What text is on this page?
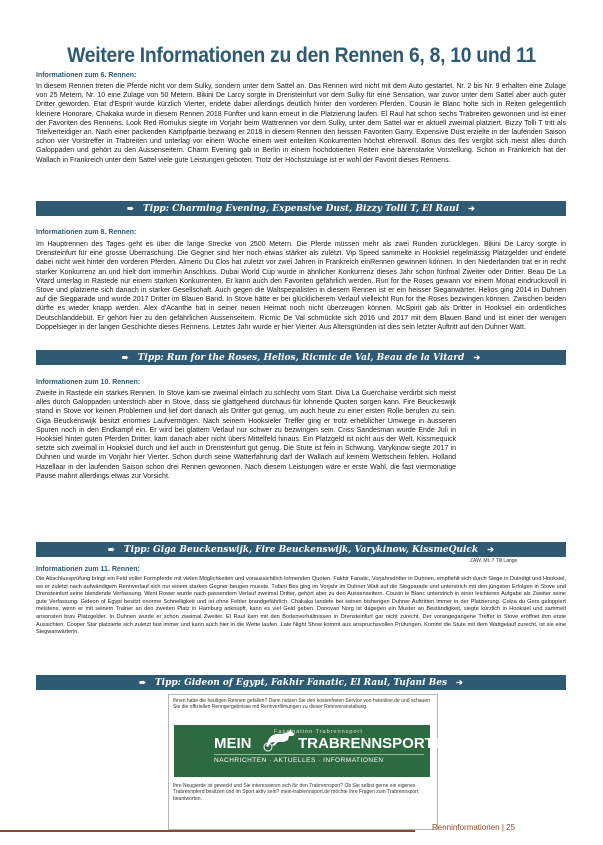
Weitere Informationen zu den Rennen 6, 8, 10 und 11
Informationen zum 6. Rennen:

In diesem Rennen treten die Pferde nicht vor dem Sulky, sondern unter dem Sattel an. Das Rennen wird nicht mit dem Auto gestartet. Nr. 2 bis Nr. 9 erhalten eine Zulage von 25 Metern, Nr. 10 eine Zulage von 50 Metern. Bikini De Larcy sorgte in Drensteinfurt vor dem Sulky für eine Sensation, war zuvor unter dem Sattel aber auch guter Dritter geworden. Etat d'Esprit wurde kürzlich Vierter, endete dabei allerdings deutlich hinter den vorderen Pferden. Cousin le Blanc holte sich in Reiten gelegentlich kleinere Honorare, Chakaka wurde in diesem Rennen 2018 Fünfter und kann erneut in die Platzierung laufen. El Raul hat schon sechs Trabreiten gewonnen und ist einer der Favoriten des Rennens. Look Red Romulus siegte im Vorjahr beim Wattrennen vor dem Sulky, unter dem Sattel war er aktuell zweimal platziert. Bizzy Tolli T tritt als Titelverteidiger an. Nach einer packenden Kampfpartie bezwang er 2018 in diesem Rennen den heissen Favoriten Garry. Expensive Dust erzielte in der laufenden Saison schon vier Vorstreffer in Trabreiten und unterlag vor einem Woche einem weit enteilten Konkurrenten höchst ehrenvoll. Bonus des Iles vergibt sich meist alles durch Galoppaden und gehört zu den Aussenseitern. Charm Evening gab in Berlin in einem hochdotierten Reiten eine bärenstarke Vorstellung. Schon in Frankreich hat der Wallach in Frankreich unter dem Sattel viele gute Leistungen geboten. Trotz der Höchstzulage ist er wohl der Favorit dieses Rennens.

➠ Tipp: Charming Evening, Expensive Dust, Bizzy Tolli T, El Raul ➔
Informationen zum 8. Rennen:

Im Hauptrennen des Tages geht es über die lange Strecke von 2500 Metern. Die Pferde müssen mehr als zwei Runden zurücklegen. Bikini De Larcy sorgte in Drensteinfurt für eine grosse Überraschung. Die Gegner sind hier noch etwas stärker als zuletzt. Vip Speed sammelte in Hooksiel regelmässig Platzgelder und endete dabei nicht weit hinter den vorderen Pferden. Almeric Du Clos hat zuletzt vor zwei Jahren in Frankreich einRennen gewinnen können. In den Niederlanden trat er in recht starker Konkurrenz an und hielt dort immerhin Anschluss. Dubai World Cup wurde in ähnlicher Konkurrenz dieses Jahr schon fünfmal Zweiter oder Dritter. Beau De La Vitard unterlag in Rastede nur einem starken Konkurrenten. Er kann auch den Favoriten gefährlich werden. Run for the Roses gewann vor einem Monat eindrucksvoll in Stove und platzierte sich danach in starker Gesellschaft. Auch gegen die Waltspezialisten in diesem Rennen ist er ein heisser Sieganwärter. Helios ging 2014 in Duhnen auf die Siegparade und wurde 2017 Dritter im Blauen Band. In Stove hätte er bei glücklicherem Verlauf vielleicht Run for the Roses bezwingen können. Zwischen beiden dürfte es wieder knapp werden. Alex d'Acanthe hat in seiner neuen Heimat noch nicht überzeugen können. McSpirit gab als Dritter in Hooksiel ein ordentliches Deutschlanddebüt. Er gehört hier zu den gefährlichen Aussenseitern. Ricmic De Val schmückte sich 2016 und 2017 mit dem Blauen Band und ist einer der wenigen Doppelsieger in der langen Geschichte dieses Rennens. Letztes Jahr wurde er hier Vierter. Aus Altersgründen ist dies sein letzter Auftritt auf den Duhner Watt.

➠ Tipp: Run for the Roses, Helios, Ricmic de Val, Beau de la Vitard ➔
Informationen zum 10. Rennen:

Zweite in Rastede ein starkes Rennen. In Stove kam sie zweimal einfach zu schlecht vom Start. Diva La Guerchaise verdirbt sich meist alles durch Galoppaden unterstrich aber in Stove, dass sie glattgehend durchaus für lohnende Quoten sorgen kann. Fire Beuckeswijk stand in Stove vor keinen Problemen und lief dort danach als Dritter gut genug, um auch heute zu einer ersten Rolle berufen zu sein. Giga Beuckenswijk besitzt enormes Laufvermögen. Nach seinem Hooksieler Treffer ging er trotz erheblicher Umwege in äusseren Spuren noch in den Endkampf ein. Er wird bei glattem Verlauf nur schwer zu bezwingen sein. Criss Sandesman wurde Ende Juli in Hooksiel hinter guten Pferden Dritter, kam danach aber nicht übers Mittelfeld hinaus. Ein Platzgeld ist nicht aus der Welt. Kissmequick setzte sich zweimal in Hooksiel durch und lief auch in Drensteinfurt gut genug. Die Stute ist fein in Schwung. Varykinow siegte 2017 in Duhnen und wurde im Vorjahr hier Vierter. Schon durch seine Watterfahrung darf der Wallach auf keinem Wettschein fehlen. Holland Hazellaar in der laufenden Saison schon drei Rennen gewonnen. Nach diesem Leistungen wäre er erste Wahl, die fast viermonatige Pause mahnt allerdings etwas zur Vorsicht.

ZAW, Mt. 7 Till Lange
➠ Tipp: Giga Beuckenswijk, Fire Beuckenswijk, Varykinow, KissmeQuick ➔
Informationen zum 11. Rennen:

Die Abschlussprüfung bringt ein Feld voller Formpferde mit vielen Möglichkeiten und voraussichtlich lohnenden Quoten. Fakhir Fanatic, Vorjahrsdritter in Duhnen, empfiehlt sich durch Siege in Duindigt und Hooksiel, wo er zuletzt nach aufwändigem Rennverlauf sich nur einem starken Gegner beugen musste. Tufani Bes ging im Vorjahr im Duhner Watt auf die Siegparade und unterstrich mit den jüngsten Erfolgen in Stove und Drensteinfurt seine blendende Verfassung. Went Rower wurde nach passendem Verlauf zweimal Dritter, gehört aber zu den Aussenseitern. Cousin le Blanc unterstrich in einer leichteren Aufgabe als Zweiter seine gute Verfassung. Gideon of Egypt besitzt enorme Schnelligkeit und ist ohne Fehler brandgefährlich. Chakaka landete bei seinen bisherigen Duhner Auftritten immer in der Platzierung. Colza du Gers galoppiert meistens, wenn er mit seinem Trainer an den zweiten Platz in Hamburg anknüpft, kann es viel Geld geben. Donovan Norg ist dagegen ein Muster an Beständigkeit, siegte kürzlich in Hooksiel und sammelt ansonsten brav Platzgelder. In Duhnen wurde er schon zweimal Zweiter. El Raul kam mit den Bodenverhältnissen in Drensteinfurt gar nicht zurecht. Der vorangegangene Treffer in Stove eröffnet ihm erste Aussichten. Cooper Star platzierte sich zuletzt fast immer und kann auch hier in die Wette laufen. Late Night Show kommt aus anspruchsvollen Prüfungen. Kommt die Stute mit dem Wattgelauf zurecht, ist sie eine Siegwanwärterin.

➠ Tipp: Gideon of Egypt, Fakhir Fanatic, El Raul, Tufani Bes ➔

Ihnen habe die heutigen Rennen gefallen? Dann nutzen Sie den kostenfreien Service von hvtonline.de und schauen Sie die offiziellen Renngergebnisse mit Rennverfilmungen zu dieser Rennveranstaltung.

Faszination Trabrennsport
MEIN	TRABRENNSPORT.DE
NACHRICHTEN · AKTUELLES · INFORMATIONEN

Ihre Neugierde ist geweckt und Sie interessieren sich für den Trabrennsport? Ob Sie selbst gerne ein eigenes Trabrennpferd besitzen und im Sport aktiv sein? mein-trabrennsport.de möchte Ihre Fragen zum Trabrennsport beantworten.

Renninformationen | 25
